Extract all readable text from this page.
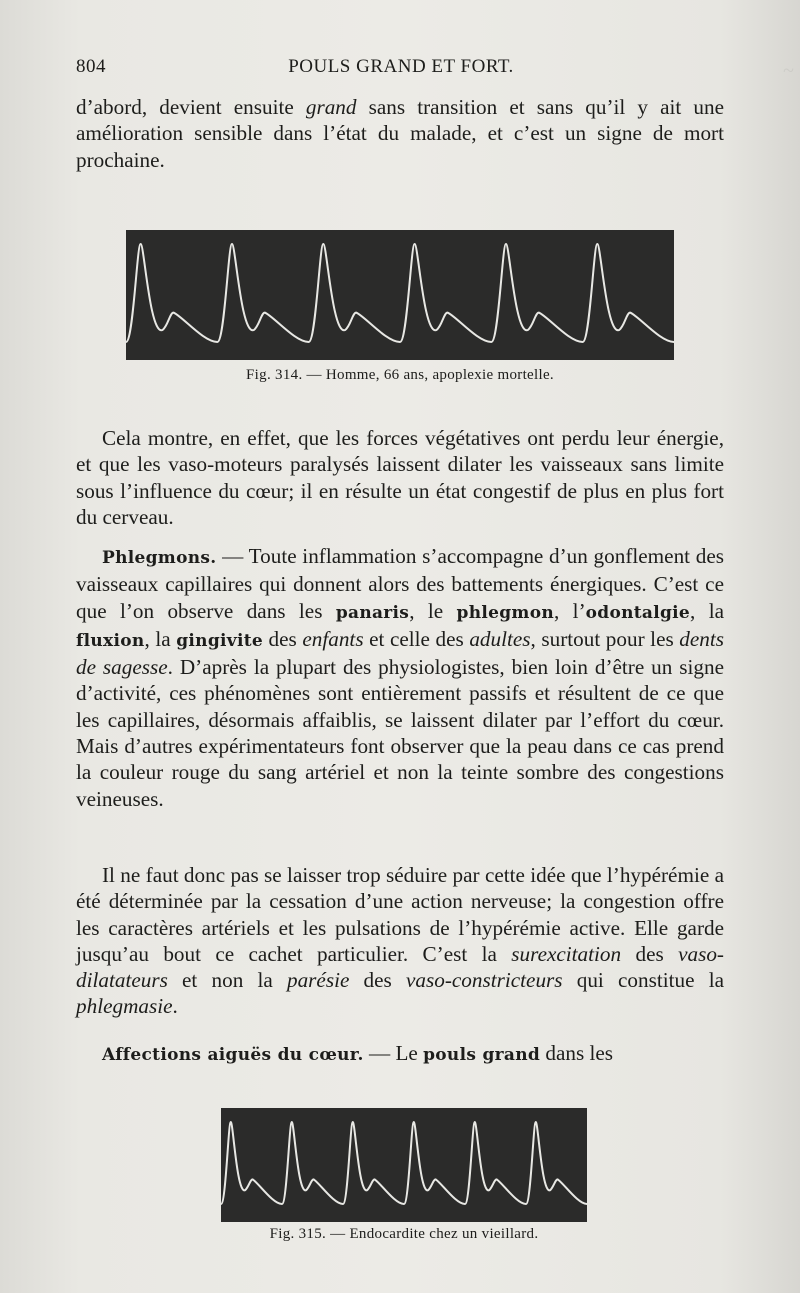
~
804	POULS GRAND ET FORT.

d’abord, devient ensuite grand sans transition et sans qu’il y ait une amélioration sensible dans l’état du malade, et c’est un signe de mort prochaine.

Fig. 314. — Homme, 66 ans, apoplexie mortelle.

Cela montre, en effet, que les forces végétatives ont perdu leur énergie, et que les vaso-moteurs paralysés laissent dilater les vaisseaux sans limite sous l’influence du cœur; il en résulte un état congestif de plus en plus fort du cerveau.

Phlegmons. — Toute inflammation s’accompagne d’un gonflement des vaisseaux capillaires qui donnent alors des battements énergiques. C’est ce que l’on observe dans les panaris, le phlegmon, l’odontalgie, la fluxion, la gingivite des enfants et celle des adultes, surtout pour les dents de sagesse. D’après la plupart des physiologistes, bien loin d’être un signe d’activité, ces phénomènes sont entièrement passifs et résultent de ce que les capillaires, désormais affaiblis, se laissent dilater par l’effort du cœur. Mais d’autres expérimentateurs font observer que la peau dans ce cas prend la couleur rouge du sang artériel et non la teinte sombre des congestions veineuses.

Il ne faut donc pas se laisser trop séduire par cette idée que l’hypérémie a été déterminée par la cessation d’une action nerveuse; la congestion offre les caractères artériels et les pulsations de l’hypérémie active. Elle garde jusqu’au bout ce cachet particulier. C’est la surexcitation des vaso-dilatateurs et non la parésie des vaso-constricteurs qui constitue la phlegmasie.

Affections aiguës du cœur. — Le pouls grand dans les

Fig. 315. — Endocardite chez un vieillard.
